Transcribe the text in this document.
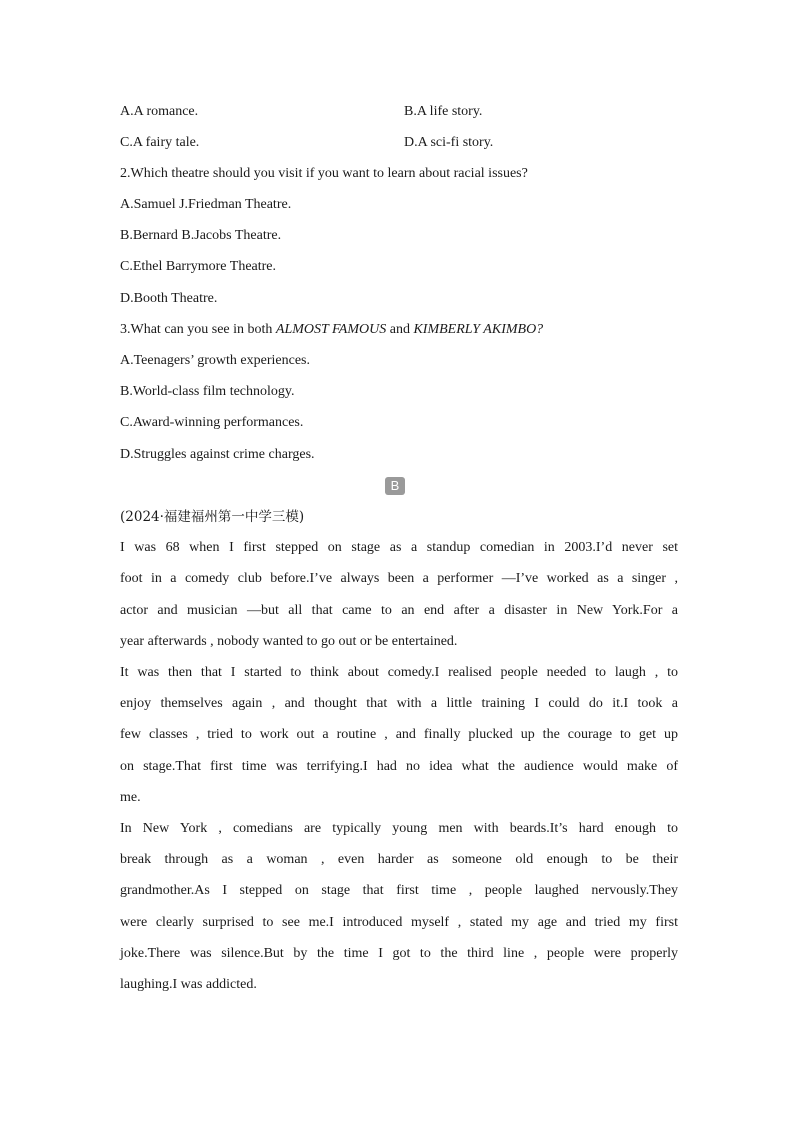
A.A romance.	B.A life story.
C.A fairy tale.	D.A sci-fi story.
2.Which theatre should you visit if you want to learn about racial issues?
A.Samuel J.Friedman Theatre.
B.Bernard B.Jacobs Theatre.
C.Ethel Barrymore Theatre.
D.Booth Theatre.
3.What can you see in both ALMOST FAMOUS and KIMBERLY AKIMBO?
A.Teenagers’ growth experiences.
B.World-class film technology.
C.Award-winning performances.
D.Struggles against crime charges.
(2024·福建福州第一中学三模)
I was 68 when I first stepped on stage as a standup comedian in 2003.I’d never set
foot in a comedy club before.I’ve always been a performer —I’ve worked as a singer ,
actor and musician —but all that came to an end after a disaster in New York.For a
year afterwards , nobody wanted to go out or be entertained.
It was then that I started to think about comedy.I realised people needed to laugh , to
enjoy themselves again , and thought that with a little training I could do it.I took a
few classes , tried to work out a routine , and finally plucked up the courage to get up
on stage.That first time was terrifying.I had no idea what the audience would make of
me.
In New York , comedians are typically young men with beards.It’s hard enough to
break through as a woman , even harder as someone old enough to be their
grandmother.As I stepped on stage that first time , people laughed nervously.They
were clearly surprised to see me.I introduced myself , stated my age and tried my first
joke.There was silence.But by the time I got to the third line , people were properly
laughing.I was addicted.
B
